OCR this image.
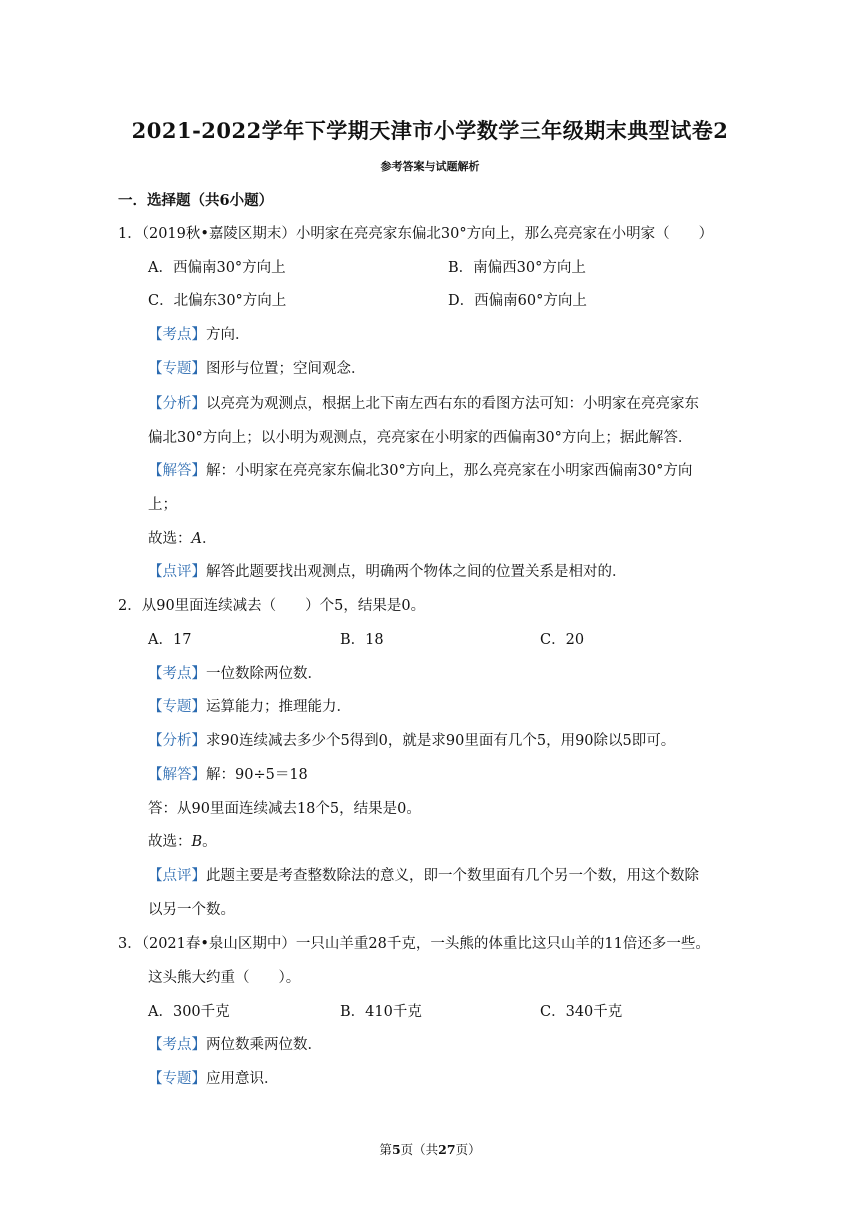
2021-2022学年下学期天津市小学数学三年级期末典型试卷2
参考答案与试题解析
一．选择题（共6小题）
1．（2019秋•嘉陵区期末）小明家在亮亮家东偏北30°方向上，那么亮亮家在小明家（　　）
A．西偏南30°方向上	B．南偏西30°方向上
C．北偏东30°方向上	D．西偏南60°方向上
【考点】方向．
【专题】图形与位置；空间观念．
【分析】以亮亮为观测点，根据上北下南左西右东的看图方法可知：小明家在亮亮家东
偏北30°方向上；以小明为观测点，亮亮家在小明家的西偏南30°方向上；据此解答．
【解答】解：小明家在亮亮家东偏北30°方向上，那么亮亮家在小明家西偏南30°方向
上；
故选：A．
【点评】解答此题要找出观测点，明确两个物体之间的位置关系是相对的．
2．从90里面连续减去（　　）个5，结果是0。
A．17	B．18	C．20
【考点】一位数除两位数．
【专题】运算能力；推理能力．
【分析】求90连续减去多少个5得到0，就是求90里面有几个5，用90除以5即可。
【解答】解：90÷5＝18
答：从90里面连续减去18个5，结果是0。
故选：B。
【点评】此题主要是考查整数除法的意义，即一个数里面有几个另一个数，用这个数除
以另一个数。
3．（2021春•泉山区期中）一只山羊重28千克，一头熊的体重比这只山羊的11倍还多一些。
这头熊大约重（　　）。
A．300千克	B．410千克	C．340千克
【考点】两位数乘两位数．
【专题】应用意识．
第5页（共27页）
